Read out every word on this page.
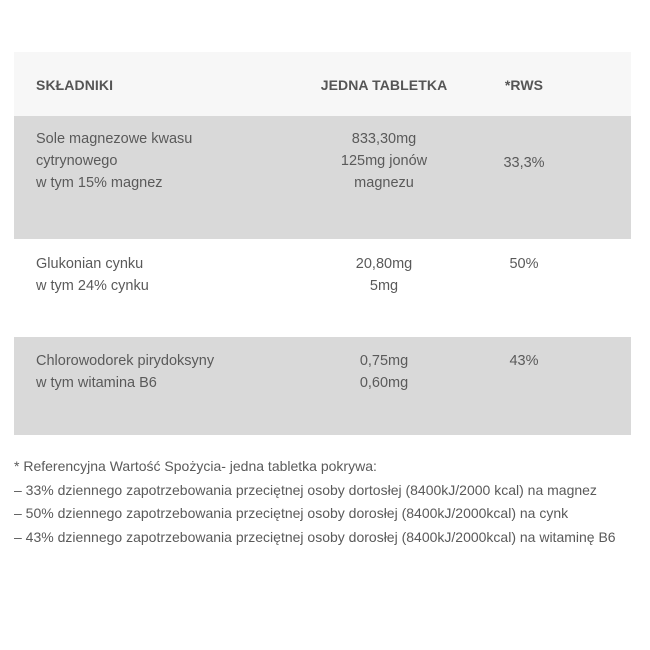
SKŁADNIKI	JEDNA TABLETKA	*RWS
Sole magnezowe kwasu
cytrynowego
w tym 15% magnez
833,30mg
125mg jonów
magnezu
33,3%
Glukonian cynku
w tym 24% cynku
20,80mg
5mg
50%
Chlorowodorek pirydoksyny
w tym witamina B6
0,75mg
0,60mg
43%

* Referencyjna Wartość Spożycia- jedna tabletka pokrywa:

– 33% dziennego zapotrzebowania przeciętnej osoby dortosłej (8400kJ/2000 kcal) na magnez

– 50% dziennego zapotrzebowania przeciętnej osoby dorosłej (8400kJ/2000kcal) na cynk

– 43% dziennego zapotrzebowania przeciętnej osoby dorosłej (8400kJ/2000kcal) na witaminę B6
